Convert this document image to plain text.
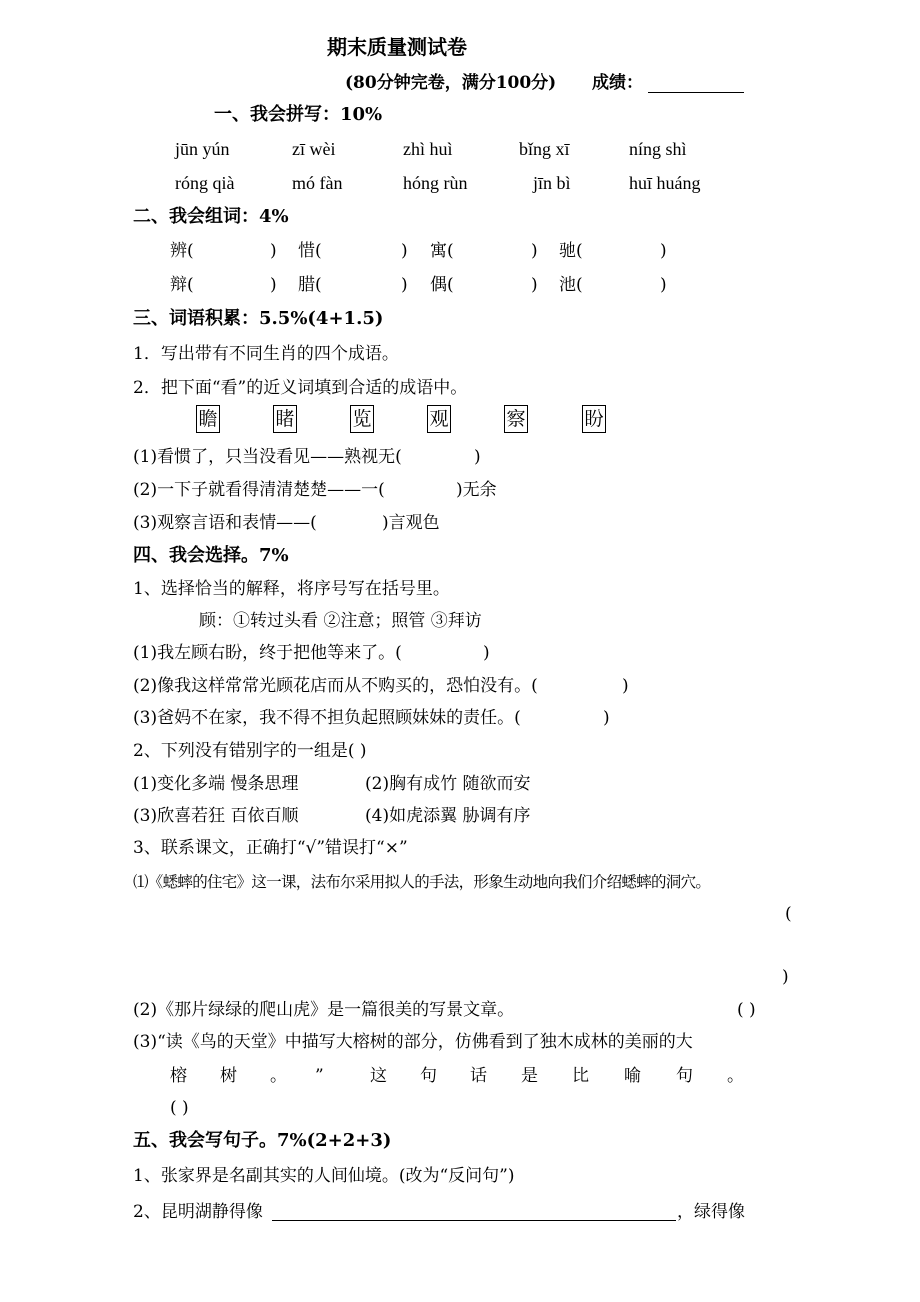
期末质量测试卷
(80分钟完卷，满分100分) 成绩：
一、我会拼写：10%
jūn yún	zī wèi	zhì huì	bǐng xī	níng shì
róng qià	mó fàn	hóng rùn	jīn bì	huī huáng
二、我会组词：4%
辨(	) 惜(	) 寓(	) 驰(	)
辩(	) 腊(	) 偶(	) 池(	)
三、词语积累：5.5%(4+1.5)
1．写出带有不同生肖的四个成语。
2．把下面“看”的近义词填到合适的成语中。
瞻	睹	览	观	察	盼
(1)看惯了，只当没看见——熟视无(	)
(2)一下子就看得清清楚楚——一(	)无余
(3)观察言语和表情——(	)言观色
四、我会选择。7%
1、选择恰当的解释，将序号写在括号里。
顾：①转过头看 ②注意；照管 ③拜访
(1)我左顾右盼，终于把他等来了。(	)
(2)像我这样常常光顾花店而从不购买的，恐怕没有。(	)
(3)爸妈不在家，我不得不担负起照顾妹妹的责任。(	)
2、下列没有错别字的一组是( )
(1)变化多端 慢条思理	(2)胸有成竹 随欲而安
(3)欣喜若狂 百依百顺	(4)如虎添翼 胁调有序
3、联系课文，正确打“√”错误打“×”
⑴《蟋蟀的住宅》这一课，法布尔采用拟人的手法，形象生动地向我们介绍蟋蟀的洞穴。
(
)
(2)《那片绿绿的爬山虎》是一篇很美的写景文章。	( )
(3)“读《鸟的天堂》中描写大榕树的部分，仿佛看到了独木成林的美丽的大
榕 树 。 ”	这 句 话 是 比 喻 句 。
( )
五、我会写句子。7%(2+2+3)
1、张家界是名副其实的人间仙境。(改为“反问句”)
2、昆明湖静得像	，绿得像
